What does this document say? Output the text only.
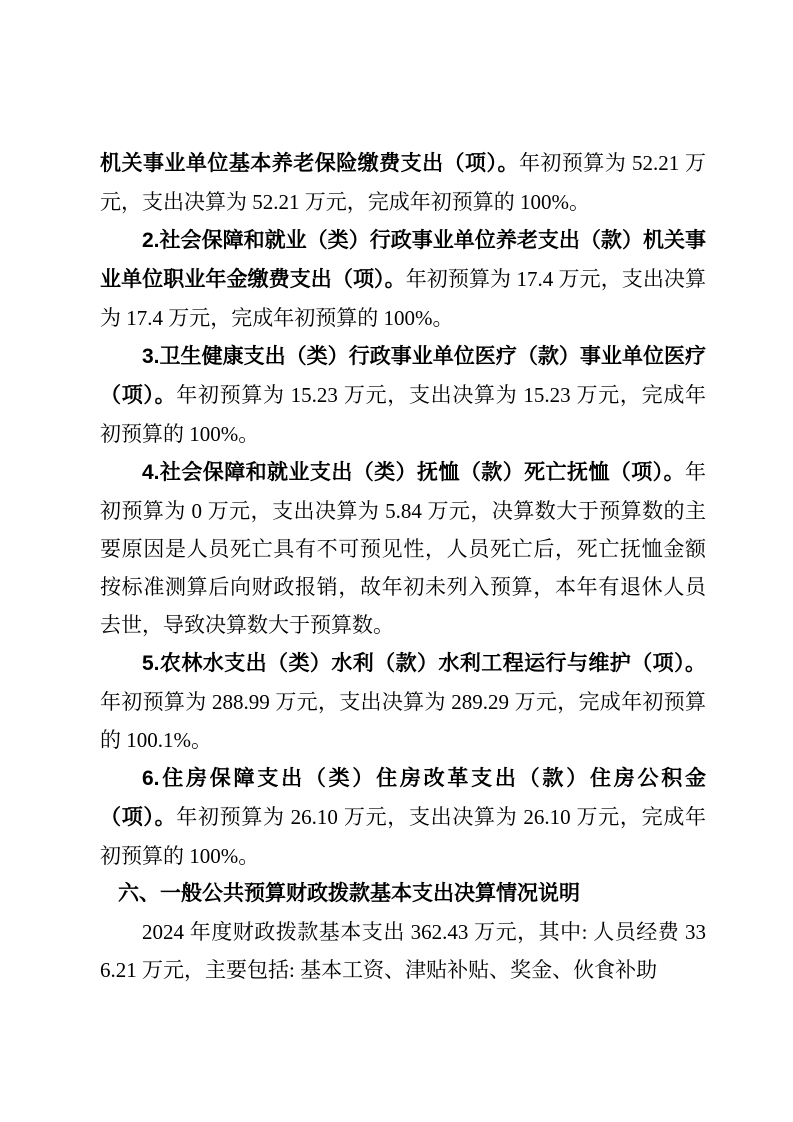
机关事业单位基本养老保险缴费支出（项）。年初预算为 52.21 万元，支出决算为 52.21 万元，完成年初预算的 100%。

2.社会保障和就业（类）行政事业单位养老支出（款）机关事业单位职业年金缴费支出（项）。年初预算为 17.4 万元，支出决算为 17.4 万元，完成年初预算的 100%。

3.卫生健康支出（类）行政事业单位医疗（款）事业单位医疗（项）。年初预算为 15.23 万元，支出决算为 15.23 万元，完成年初预算的 100%。

4.社会保障和就业支出（类）抚恤（款）死亡抚恤（项）。年初预算为 0 万元，支出决算为 5.84 万元，决算数大于预算数的主要原因是人员死亡具有不可预见性，人员死亡后，死亡抚恤金额按标准测算后向财政报销，故年初未列入预算，本年有退休人员去世，导致决算数大于预算数。

5.农林水支出（类）水利（款）水利工程运行与维护（项）。年初预算为 288.99 万元，支出决算为 289.29 万元，完成年初预算的 100.1%。

6.住房保障支出（类）住房改革支出（款）住房公积金（项）。年初预算为 26.10 万元，支出决算为 26.10 万元，完成年初预算的 100%。

六、一般公共预算财政拨款基本支出决算情况说明

2024 年度财政拨款基本支出 362.43 万元，其中: 人员经费 336.21 万元，主要包括: 基本工资、津贴补贴、奖金、伙食补助
